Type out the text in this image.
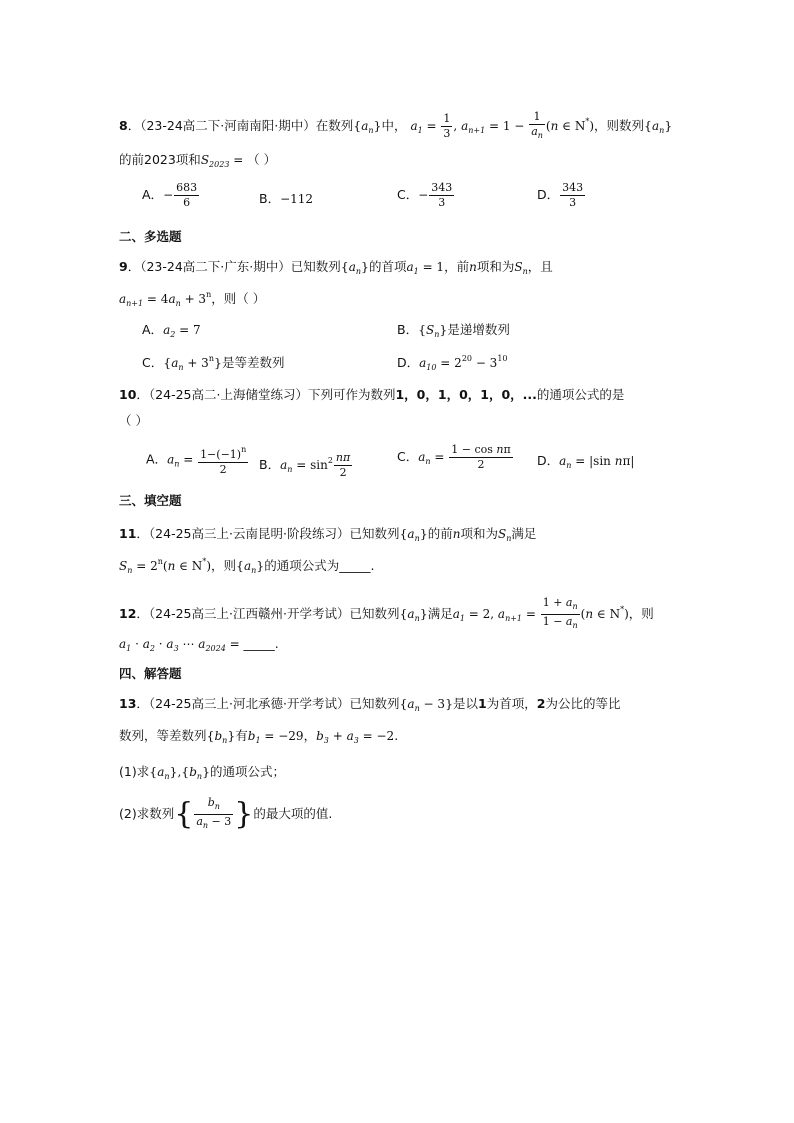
8．（23-24高二下·河南南阳·期中）在数列$\{a_n\}$中， $a_1 = \frac{1}{3}$ , $a_{n+1} = 1 - \frac{1}{a_n} (n$ ∈ N*)，则数列$\{a_n\}$
的前2023项和$S_{2023}$ = （ ）
A．− $\frac{683}{6}$	B．−112	C．− $\frac{343}{3}$	D． $\frac{343}{3}$
二、多选题
9．（23-24高二下·广东·期中）已知数列$\{a_n\}$的首项$a_1 = 1$，前n项和为$S_n$，且
$a_{n+1} = 4a_n + 3^n$，则（ ）
A．$a_2 = 7$	B．$\{S_n\}$是递增数列
C．$\{a_n + 3^n\}$是等差数列	D．$a_{10} = 2^{20} - 3^{10}$
10．（24-25高二·上海储堂练习）下列可作为数列1，0，1，0，1，0，...的通项公式的是
（ ）
A．$a_n = \frac{1-(-1)^n}{2}$ B．$a_n = \sin^2 \frac{n\pi}{2}$	C．$a_n = \frac{\text{1 − cos nπ}}{2}$ D．$a_n = |\sin$ nπ|
三、填空题
11．（24-25高三上·云南昆明·阶段练习）已知数列$\{a_n\}$的前n项和为$S_n$满足
$S_n = 2^n(n$ ∈ N*)，则$\{a_n\}$的通项公式为_____.
12．（24-25高三上·江西赣州·开学考试）已知数列$\{a_n\}$满足$a_1 = 2$, $a_{n+1} = \frac{1 + a_n}{1 - a_n} (n$ ∈ N*)，则
$a_1 \cdot a_2 \cdot a_3$ ⋯ $a_{2024}$ = _____.
四、解答题
13．（24-25高三上·河北承德·开学考试）已知数列$\{a_n - 3\}$是以1为首项，2为公比的等比
数列，等差数列$\{b_n\}$有$b_1 = -29$，$b_3 + a_3 = -2$.
(1)求$\{a_n\},\{b_n\}$的通项公式；
(2)求数列{ $\frac{b_n}{a_n - 3}$ }的最大项的值.
